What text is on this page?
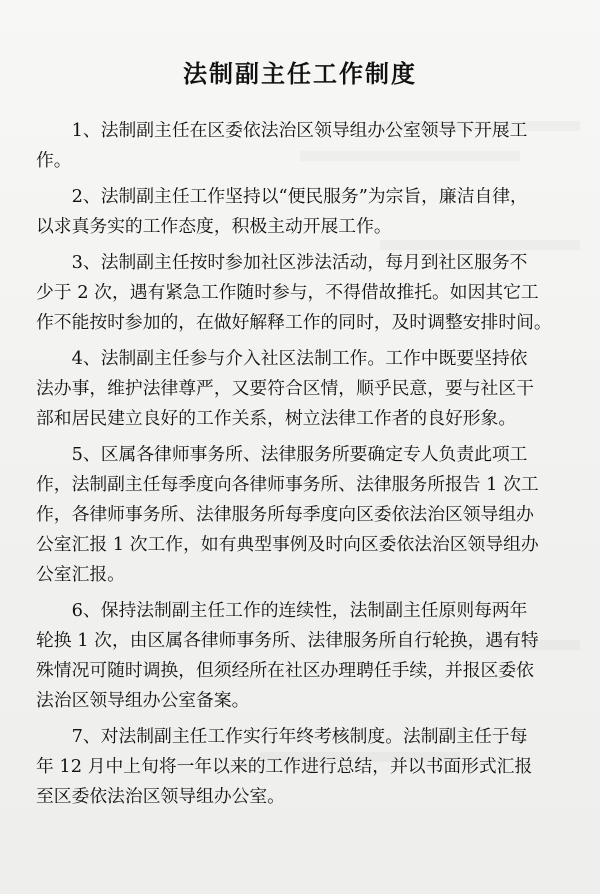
法制副主任工作制度

1、法制副主任在区委依法治区领导组办公室领导下开展工
作。

2、法制副主任工作坚持以“便民服务”为宗旨，廉洁自律，
以求真务实的工作态度，积极主动开展工作。

3、法制副主任按时参加社区涉法活动，每月到社区服务不
少于 2 次，遇有紧急工作随时参与，不得借故推托。如因其它工
作不能按时参加的，在做好解释工作的同时，及时调整安排时间。

4、法制副主任参与介入社区法制工作。工作中既要坚持依
法办事，维护法律尊严，又要符合区情，顺乎民意，要与社区干
部和居民建立良好的工作关系，树立法律工作者的良好形象。

5、区属各律师事务所、法律服务所要确定专人负责此项工
作，法制副主任每季度向各律师事务所、法律服务所报告 1 次工
作，各律师事务所、法律服务所每季度向区委依法治区领导组办
公室汇报 1 次工作，如有典型事例及时向区委依法治区领导组办
公室汇报。

6、保持法制副主任工作的连续性，法制副主任原则每两年
轮换 1 次，由区属各律师事务所、法律服务所自行轮换，遇有特
殊情况可随时调换，但须经所在社区办理聘任手续，并报区委依
法治区领导组办公室备案。

7、对法制副主任工作实行年终考核制度。法制副主任于每
年 12 月中上旬将一年以来的工作进行总结，并以书面形式汇报
至区委依法治区领导组办公室。
